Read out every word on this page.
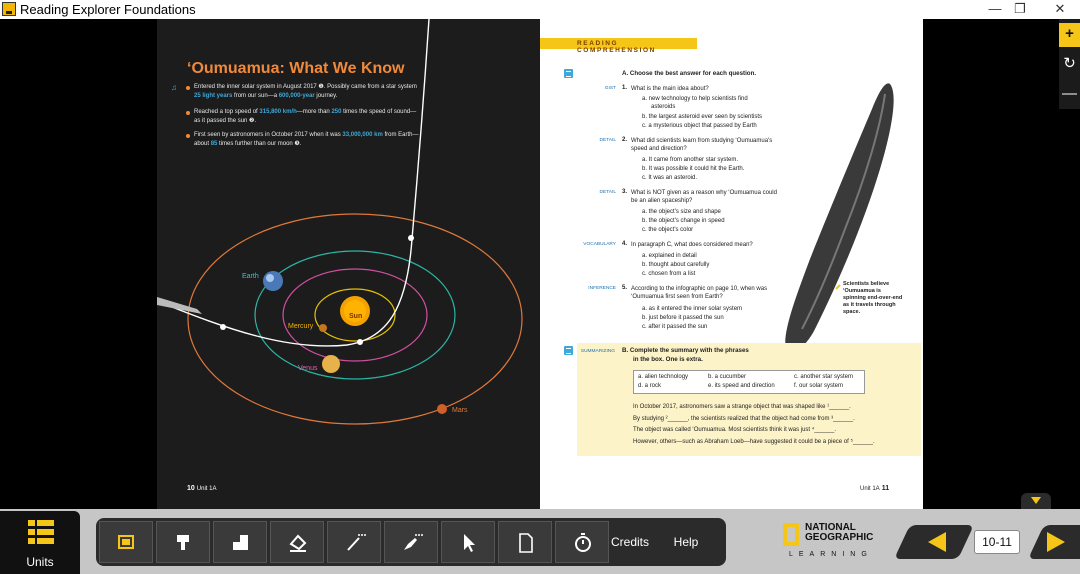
Reading Explorer Foundations	— ❐	✕
♫
‘Oumuamua: What We Know
Entered the inner solar system in August 2017 ❶. Possibly came from a star system 25 light years from our sun—a 600,000-year journey.
Reached a top speed of 315,800 km/h—more than 250 times the speed of sound—as it passed the sun ❷.
First seen by astronomers in October 2017 when it was 33,000,000 km from Earth—about 85 times further than our moon ❸.
Earth
Mercury
Sun
Venus
Mars
10 Unit 1A
READING COMPREHENSION
A. Choose the best answer for each question.
GIST 1. What is the main idea about?
a. new technology to help scientists find
asteroids
b. the largest asteroid ever seen by scientists
c. a mysterious object that passed by Earth
DETAIL 2. What did scientists learn from studying ‘Oumuamua's speed and direction?
a. It came from another star system.
b. It was possible it could hit the Earth.
c. It was an asteroid.
DETAIL 3. What is NOT given as a reason why ‘Oumuamua could be an alien spaceship?
a. the object's size and shape
b. the object's change in speed
c. the object's color
VOCABULARY 4. In paragraph C, what does considered mean?
a. explained in detail
b. thought about carefully
c. chosen from a list
INFERENCE 5. According to the infographic on page 10, when was ‘Oumuamua first seen from Earth?
a. as it entered the inner solar system
b. just before it passed the sun
c. after it passed the sun
Scientists believe ‘Oumuamua is spinning end-over-end as it travels through space.
SUMMARIZING B. Complete the summary with the phrases
in the box. One is extra.
a. alien technology	b. a cucumber	c. another star system
d. a rock	e. its speed and direction	f. our solar system
In October 2017, astronomers saw a strange object that was shaped like ¹______.
By studying ²______, the scientists realized that the object had come from ³______.
The object was called ‘Oumuamua. Most scientists think it was just ⁴______.
However, others—such as Abraham Loeb—have suggested it could be a piece of ⁵______.
Unit 1A 11
+
↻
—
Units
Credits	Help
NATIONAL
GEOGRAPHIC
LEARNING
10-11
